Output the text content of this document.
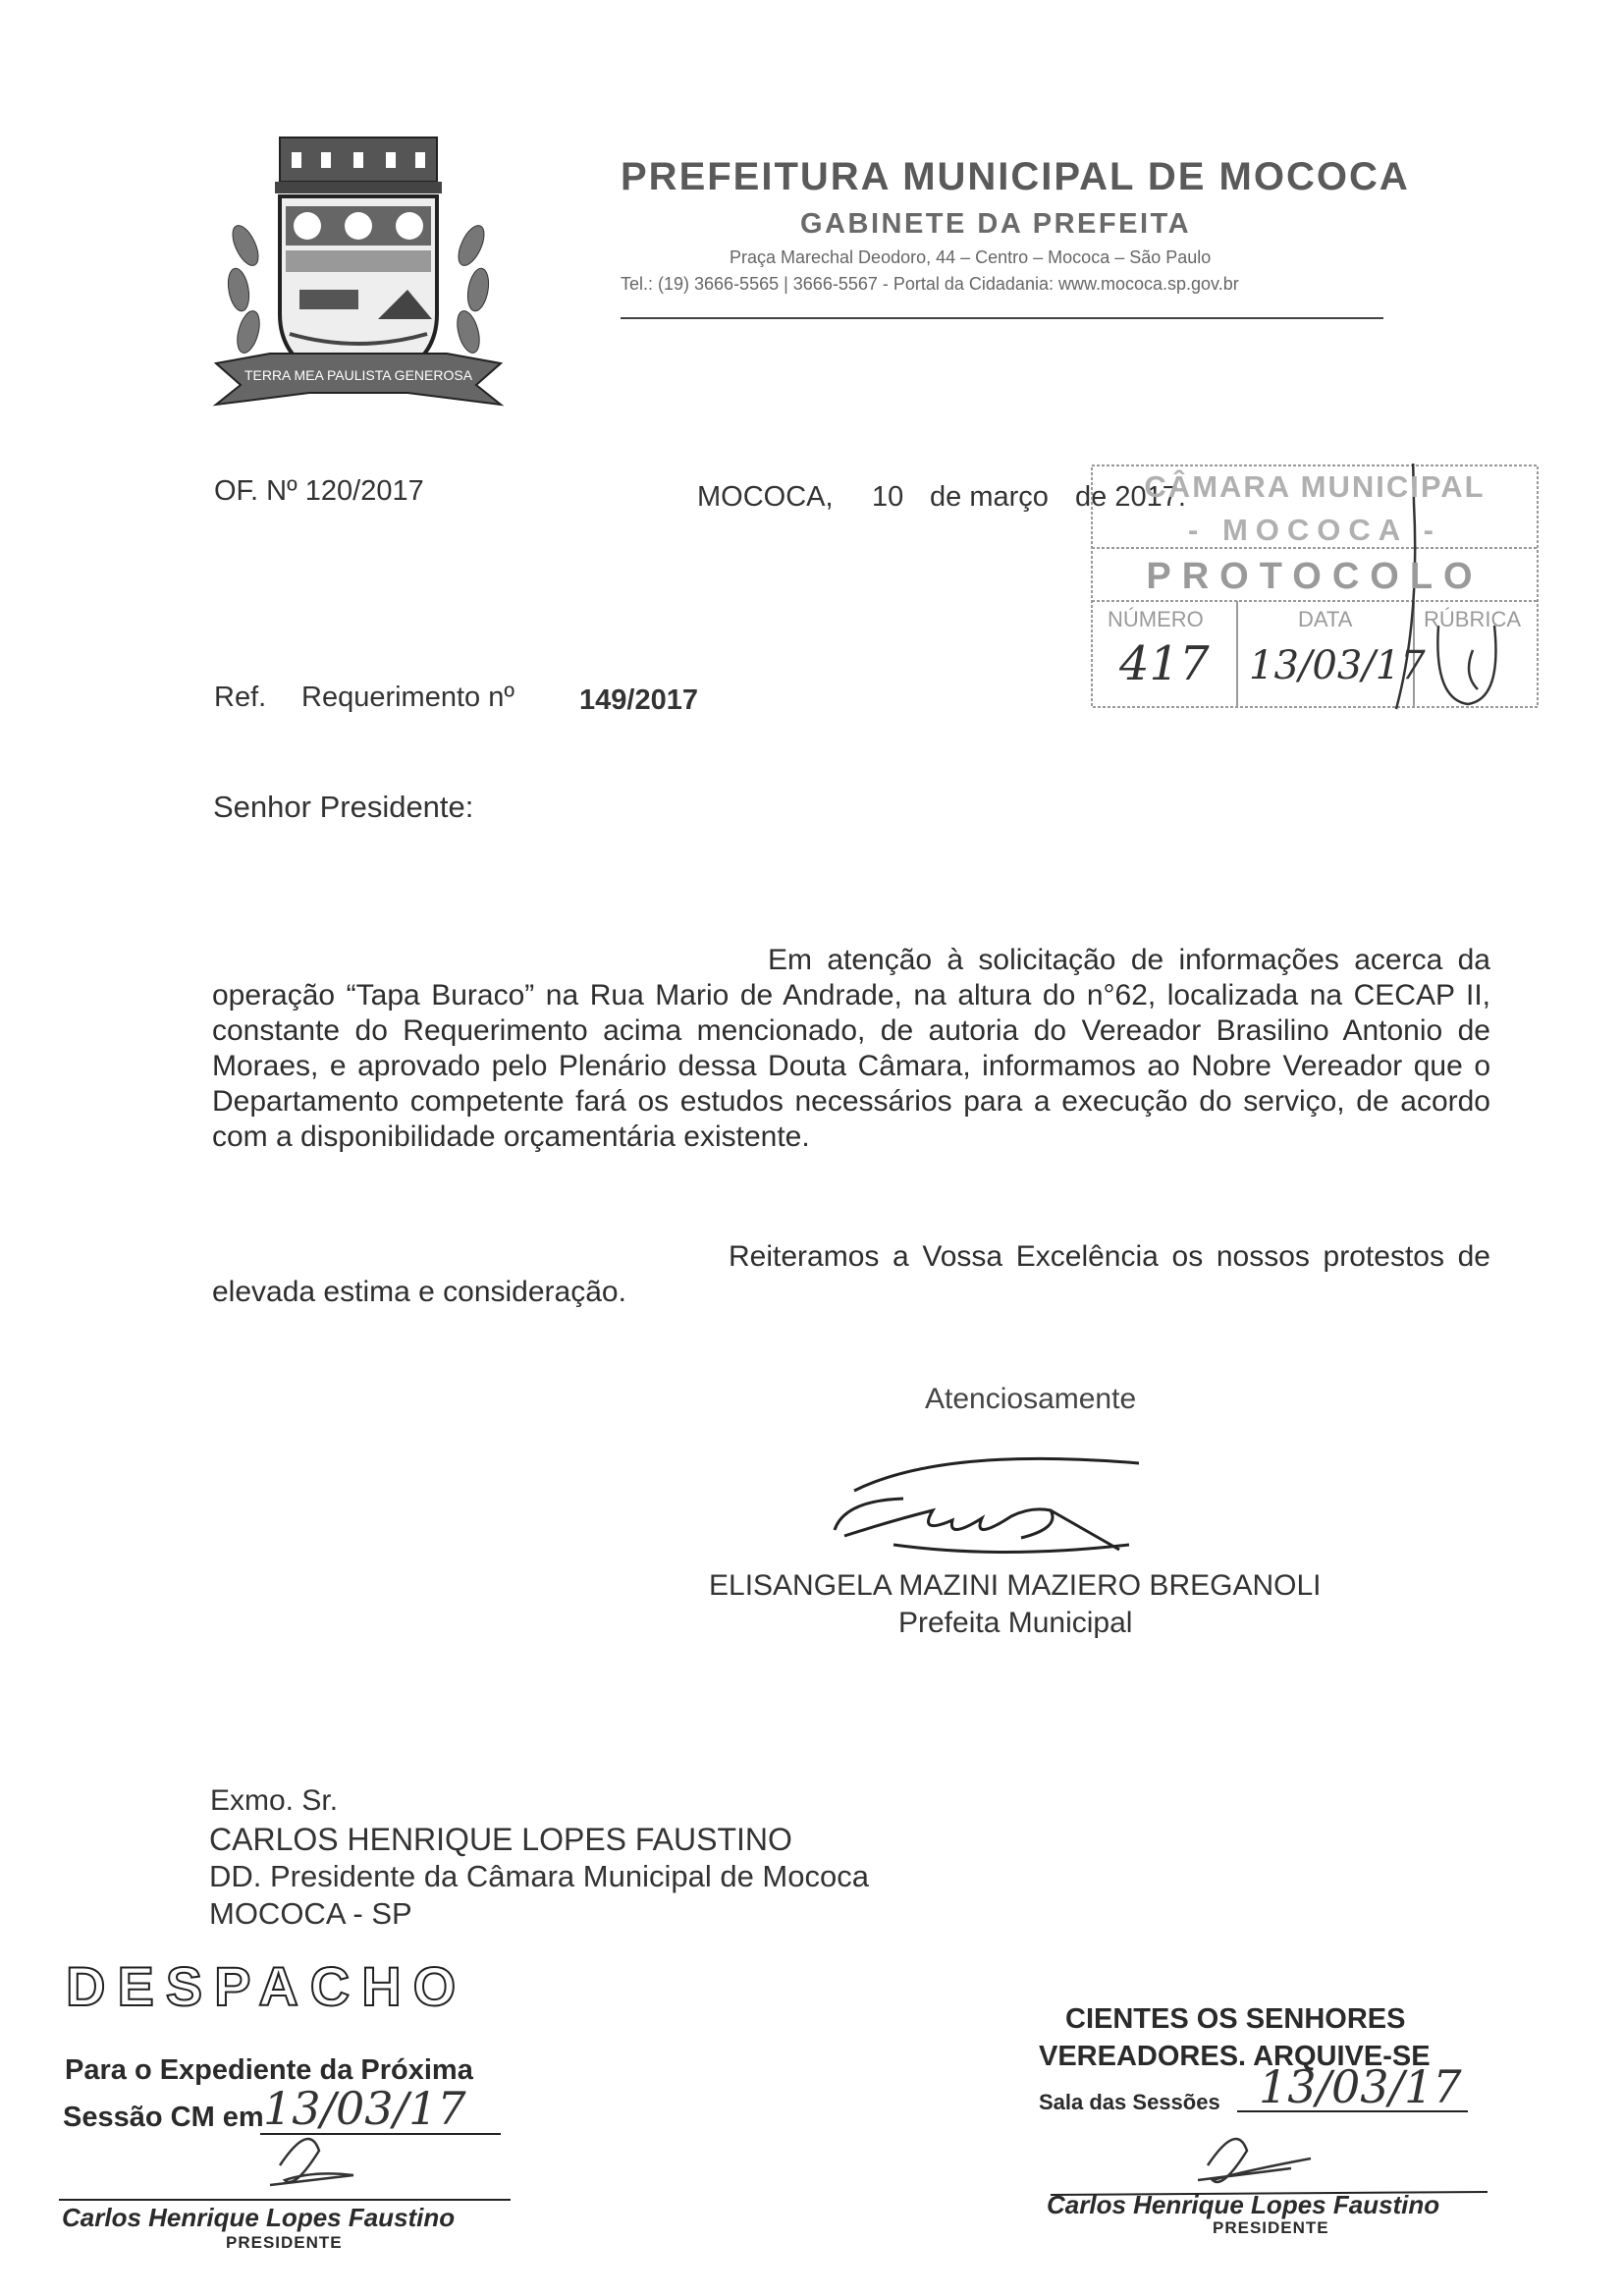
TERRA MEA PAULISTA GENEROSA
PREFEITURA MUNICIPAL DE MOCOCA
GABINETE DA PREFEITA
Praça Marechal Deodoro, 44 – Centro – Mococa – São Paulo
Tel.: (19) 3666-5565 | 3666-5567 - Portal da Cidadania: www.mococa.sp.gov.br
OF. Nº 120/2017	MOCOCA, 10 de março de 2017.
CÂMARA MUNICIPAL
- MOCOCA -
PROTOCOLO
NÚMERO	DATA	RÚBRICA
417 13/03/17
Ref. Requerimento nº 149/2017
Senhor Presidente:
Em atenção à solicitação de informações acerca da operação “Tapa Buraco” na Rua Mario de Andrade, na altura do n°62, localizada na CECAP II, constante do Requerimento acima mencionado, de autoria do Vereador Brasilino Antonio de Moraes, e aprovado pelo Plenário dessa Douta Câmara, informamos ao Nobre Vereador que o Departamento competente fará os estudos necessários para a execução do serviço, de acordo com a disponibilidade orçamentária existente.
Reiteramos a Vossa Excelência os nossos protestos de elevada estima e consideração.
Atenciosamente
ELISANGELA MAZINI MAZIERO BREGANOLI
Prefeita Municipal
Exmo. Sr.
CARLOS HENRIQUE LOPES FAUSTINO
DD. Presidente da Câmara Municipal de Mococa
MOCOCA - SP
DESPACHO
Para o Expediente da Próxima
Sessão CM em 13/03/17
Carlos Henrique Lopes Faustino
PRESIDENTE
CIENTES OS SENHORES
VEREADORES. ARQUIVE-SE
Sala das Sessões 13/03/17
Carlos Henrique Lopes Faustino
PRESIDENTE
